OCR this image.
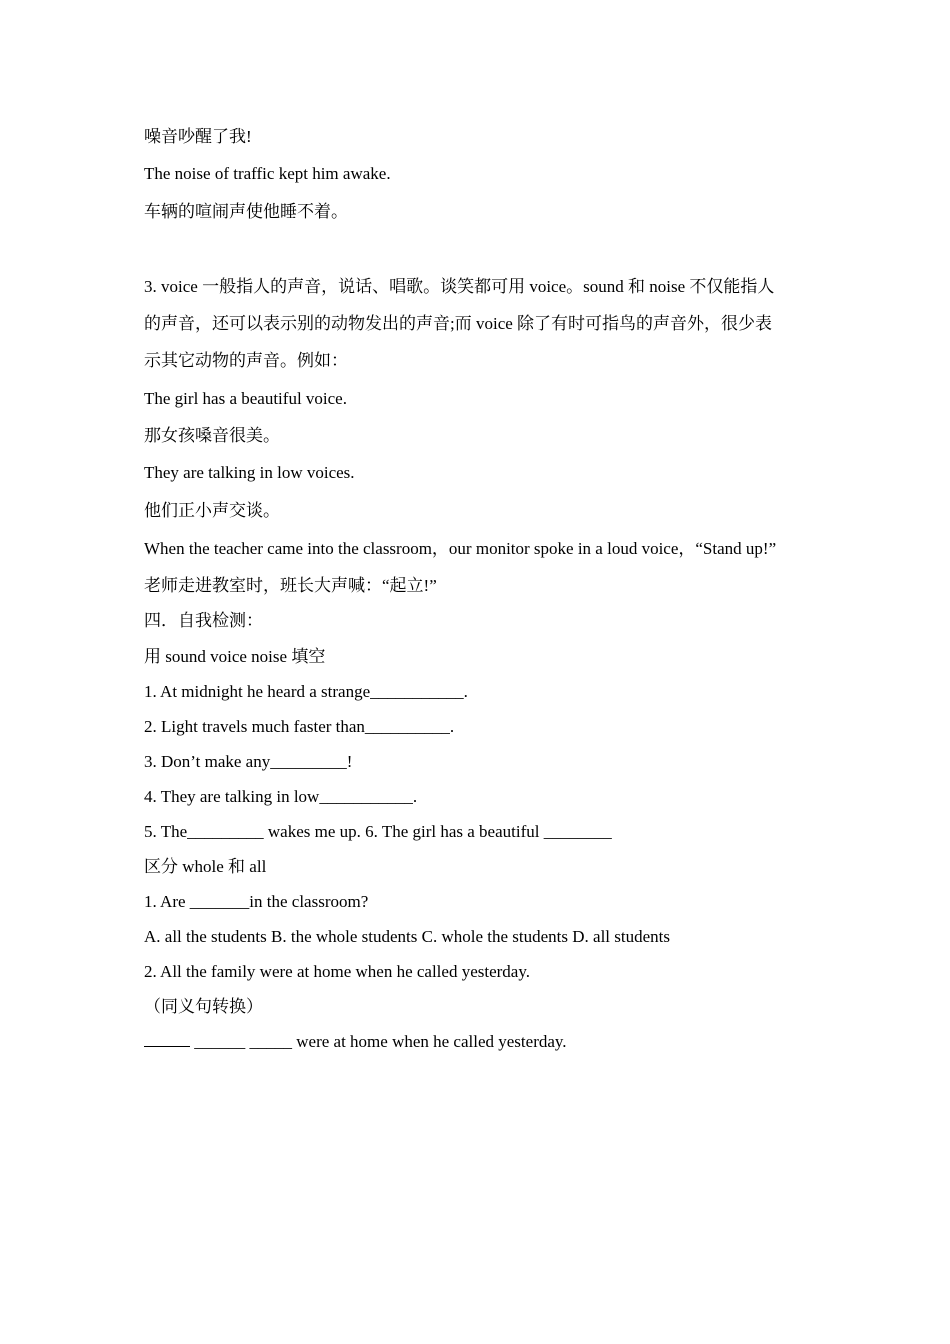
噪音吵醒了我!
The noise of traffic kept him awake.
车辆的喧闹声使他睡不着。
3. voice 一般指人的声音，说话、唱歌。谈笑都可用 voice。sound 和 noise 不仅能指人
的声音，还可以表示别的动物发出的声音;而 voice 除了有时可指鸟的声音外，很少表
示其它动物的声音。例如：
The girl has a beautiful voice.
那女孩嗓音很美。
They are talking in low voices.
他们正小声交谈。
When the teacher came into the classroom，our monitor spoke in a loud voice，“Stand up!”
老师走进教室时，班长大声喊：“起立!”
四．自我检测：
用 sound voice noise 填空
1. At midnight he heard a strange___________.
2. Light travels much faster than__________.
3. Don’t make any_________!
4. They are talking in low___________.
5. The_________ wakes me up. 6. The girl has a beautiful ________
区分 whole 和 all
1. Are _______in the classroom?
A. all the students B. the whole students C. whole the students D. all students
2. All the family were at home when he called yesterday.
（同义句转换）
______ _____ were at home when he called yesterday.
